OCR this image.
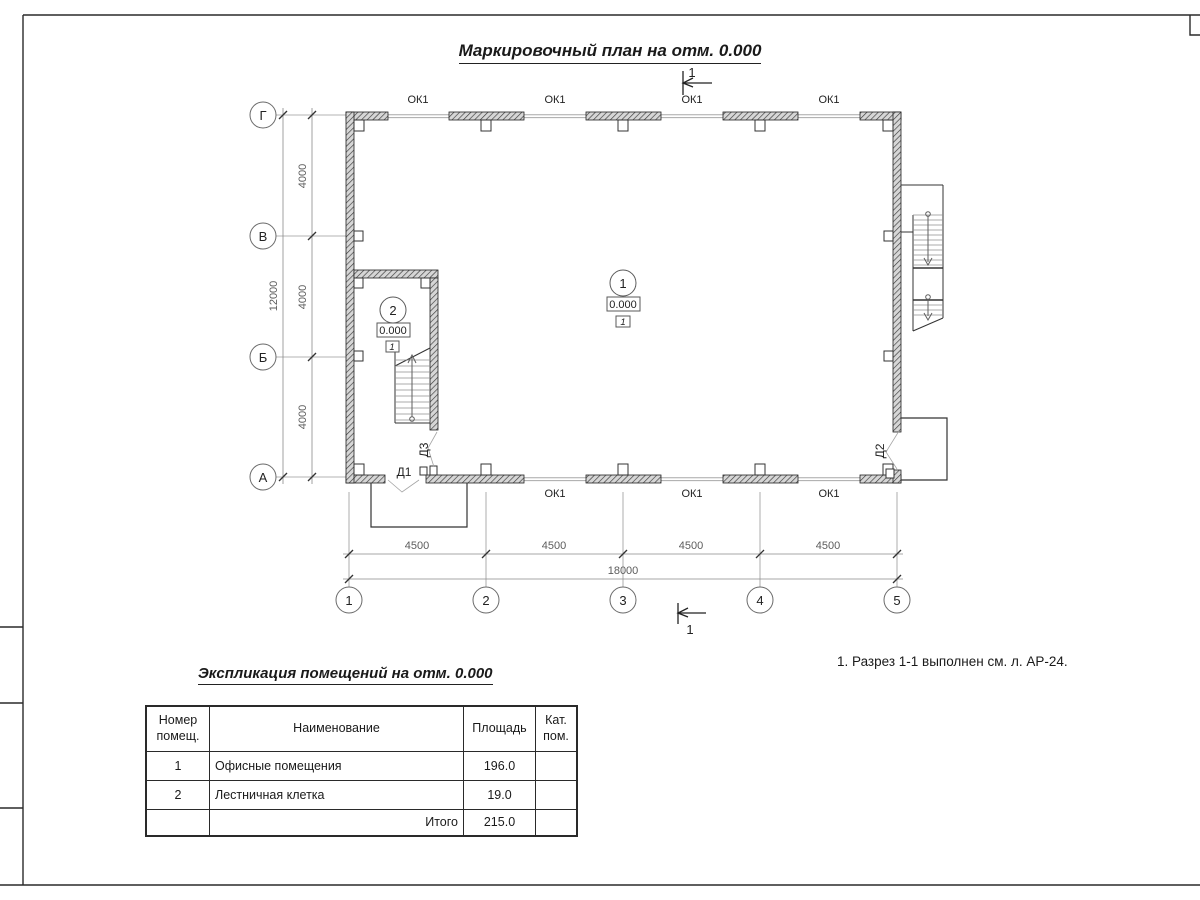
4000
4000
4000
12000
4500	4500	4500	4500
18000
Г
В
Б
А
1	2	3	4	5
1
1
ОК1	ОК1	ОК1	ОК1
ОК1	ОК1	ОК1
Д1
Д3	Д2
1
0.000
1
2
0.000
1
Маркировочный план на отм. 0.000
Экспликация помещений на отм. 0.000
1. Разрез 1-1 выполнен см. л. АР-24.
Номер помещ.	Наименование	Площадь	Кат. пом.
1	Офисные помещения	196.0	
2	Лестничная клетка	19.0	
	Итого	215.0	
